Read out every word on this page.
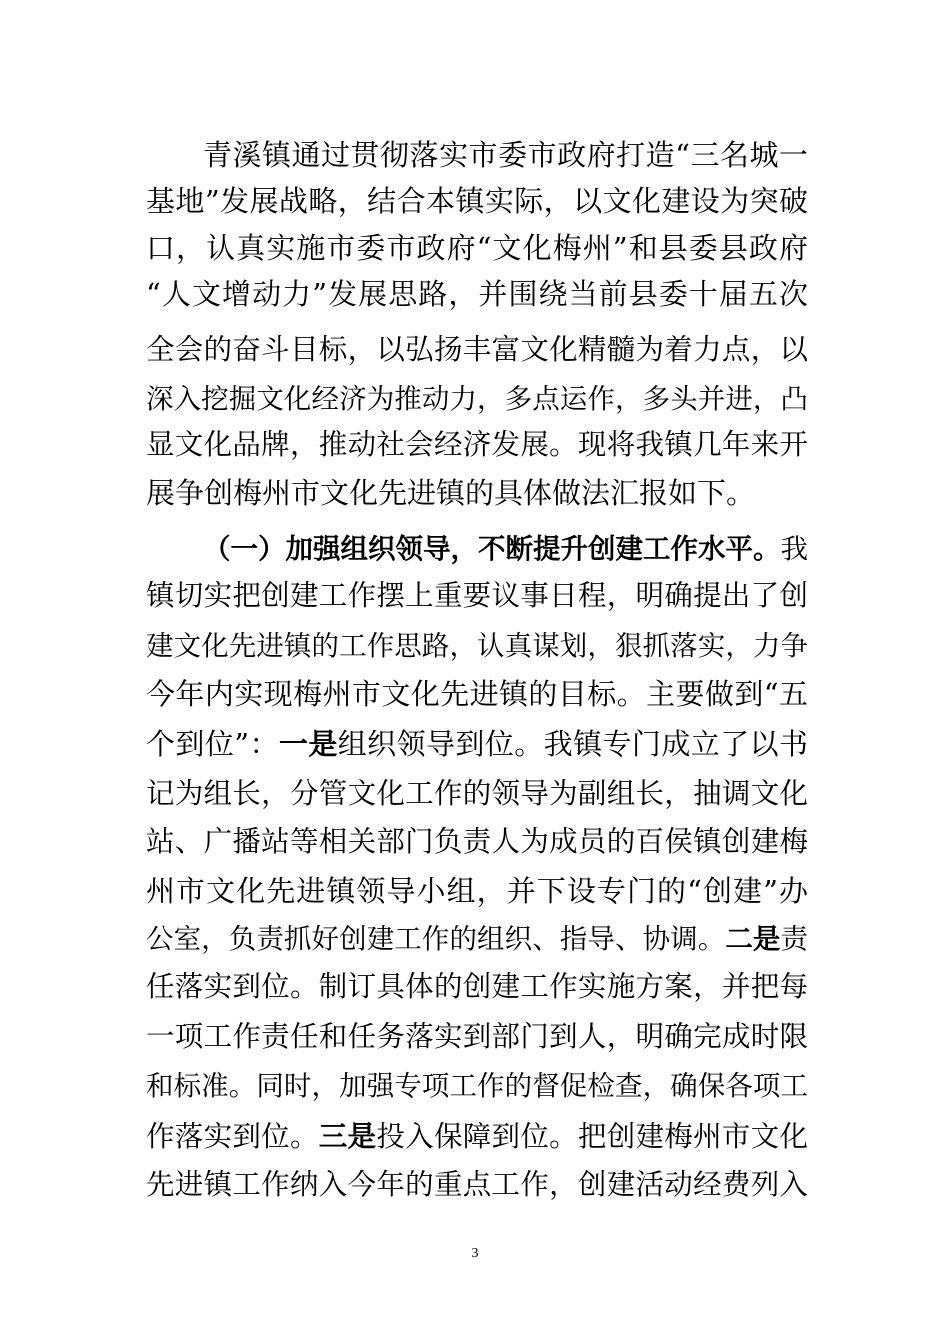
青溪镇通过贯彻落实市委市政府打造“三名城一
基地”发展战略，结合本镇实际，以文化建设为突破
口，认真实施市委市政府“文化梅州”和县委县政府
“人文增动力”发展思路，并围绕当前县委十届五次
全会的奋斗目标，以弘扬丰富文化精髓为着力点，以
深入挖掘文化经济为推动力，多点运作，多头并进，凸
显文化品牌，推动社会经济发展。现将我镇几年来开
展争创梅州市文化先进镇的具体做法汇报如下。
（一）加强组织领导，不断提升创建工作水平。我
镇切实把创建工作摆上重要议事日程，明确提出了创
建文化先进镇的工作思路，认真谋划，狠抓落实，力争
今年内实现梅州市文化先进镇的目标。主要做到“五
个到位”：一是组织领导到位。我镇专门成立了以书
记为组长，分管文化工作的领导为副组长，抽调文化
站、广播站等相关部门负责人为成员的百侯镇创建梅
州市文化先进镇领导小组，并下设专门的“创建”办
公室，负责抓好创建工作的组织、指导、协调。二是责
任落实到位。制订具体的创建工作实施方案，并把每
一项工作责任和任务落实到部门到人，明确完成时限
和标准。同时，加强专项工作的督促检查，确保各项工
作落实到位。三是投入保障到位。把创建梅州市文化
先进镇工作纳入今年的重点工作，创建活动经费列入
3
